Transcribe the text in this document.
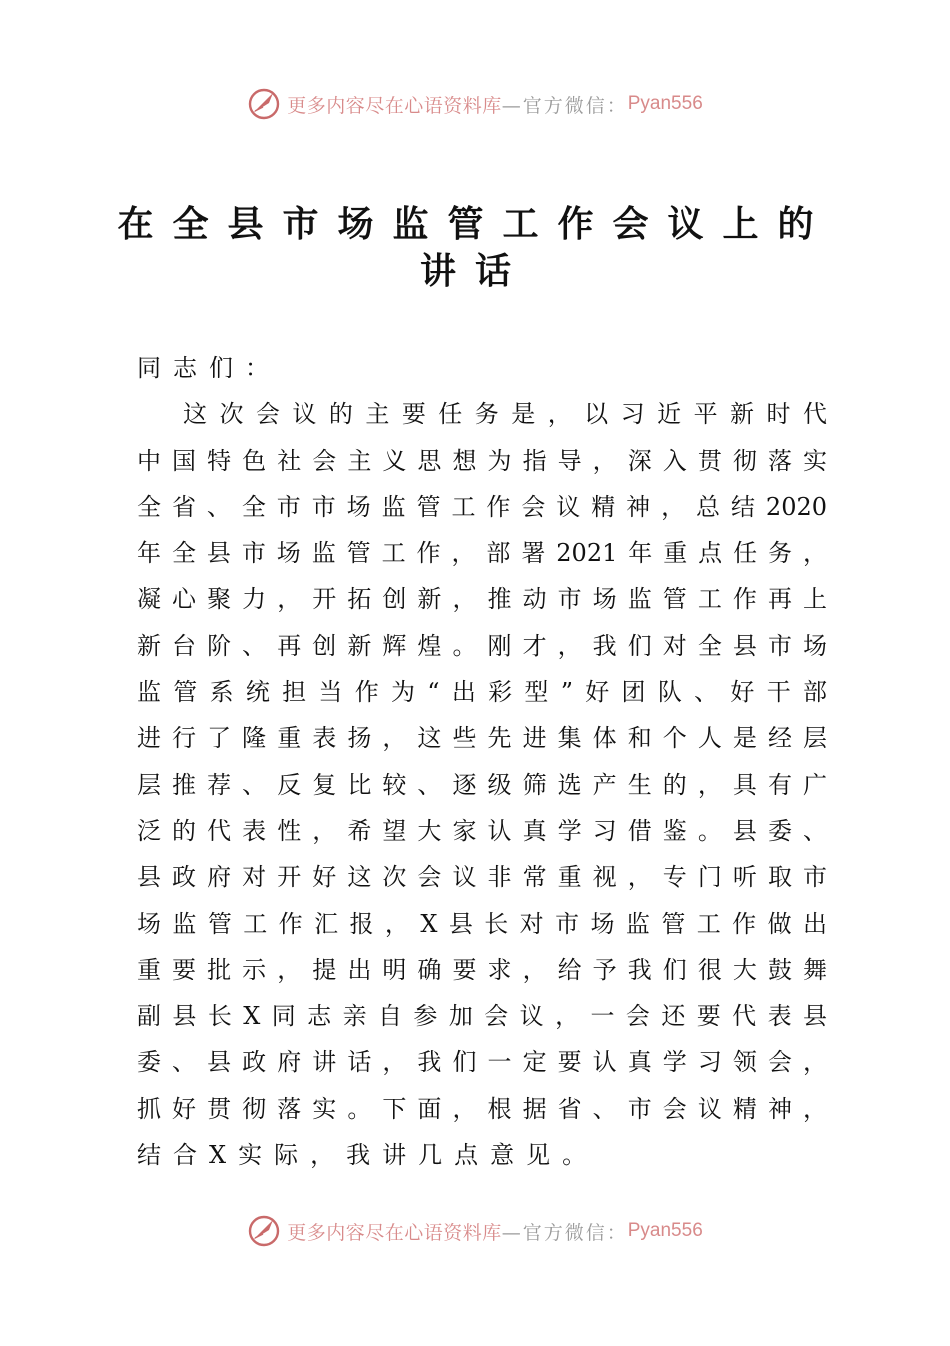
更多内容尽在心语资料库 —官方微信： Pyan556
在全县市场监管工作会议上的
讲话
同志们：
这次会议的主要任务是，以习近平新时代
中国特色社会主义思想为指导，深入贯彻落实
全省、全市市场监管工作会议精神，总结2020
年全县市场监管工作，部署2021年重点任务，
凝心聚力，开拓创新，推动市场监管工作再上
新台阶、再创新辉煌。刚才，我们对全县市场
监管系统担当作为“出彩型”好团队、好干部
进行了隆重表扬，这些先进集体和个人是经层
层推荐、反复比较、逐级筛选产生的，具有广
泛的代表性，希望大家认真学习借鉴。县委、
县政府对开好这次会议非常重视，专门听取市
场监管工作汇报，X县长对市场监管工作做出
重要批示，提出明确要求，给予我们很大鼓舞
副县长X同志亲自参加会议，一会还要代表县
委、县政府讲话，我们一定要认真学习领会，
抓好贯彻落实。下面，根据省、市会议精神，
结合X实际，我讲几点意见。
更多内容尽在心语资料库 —官方微信： Pyan556
